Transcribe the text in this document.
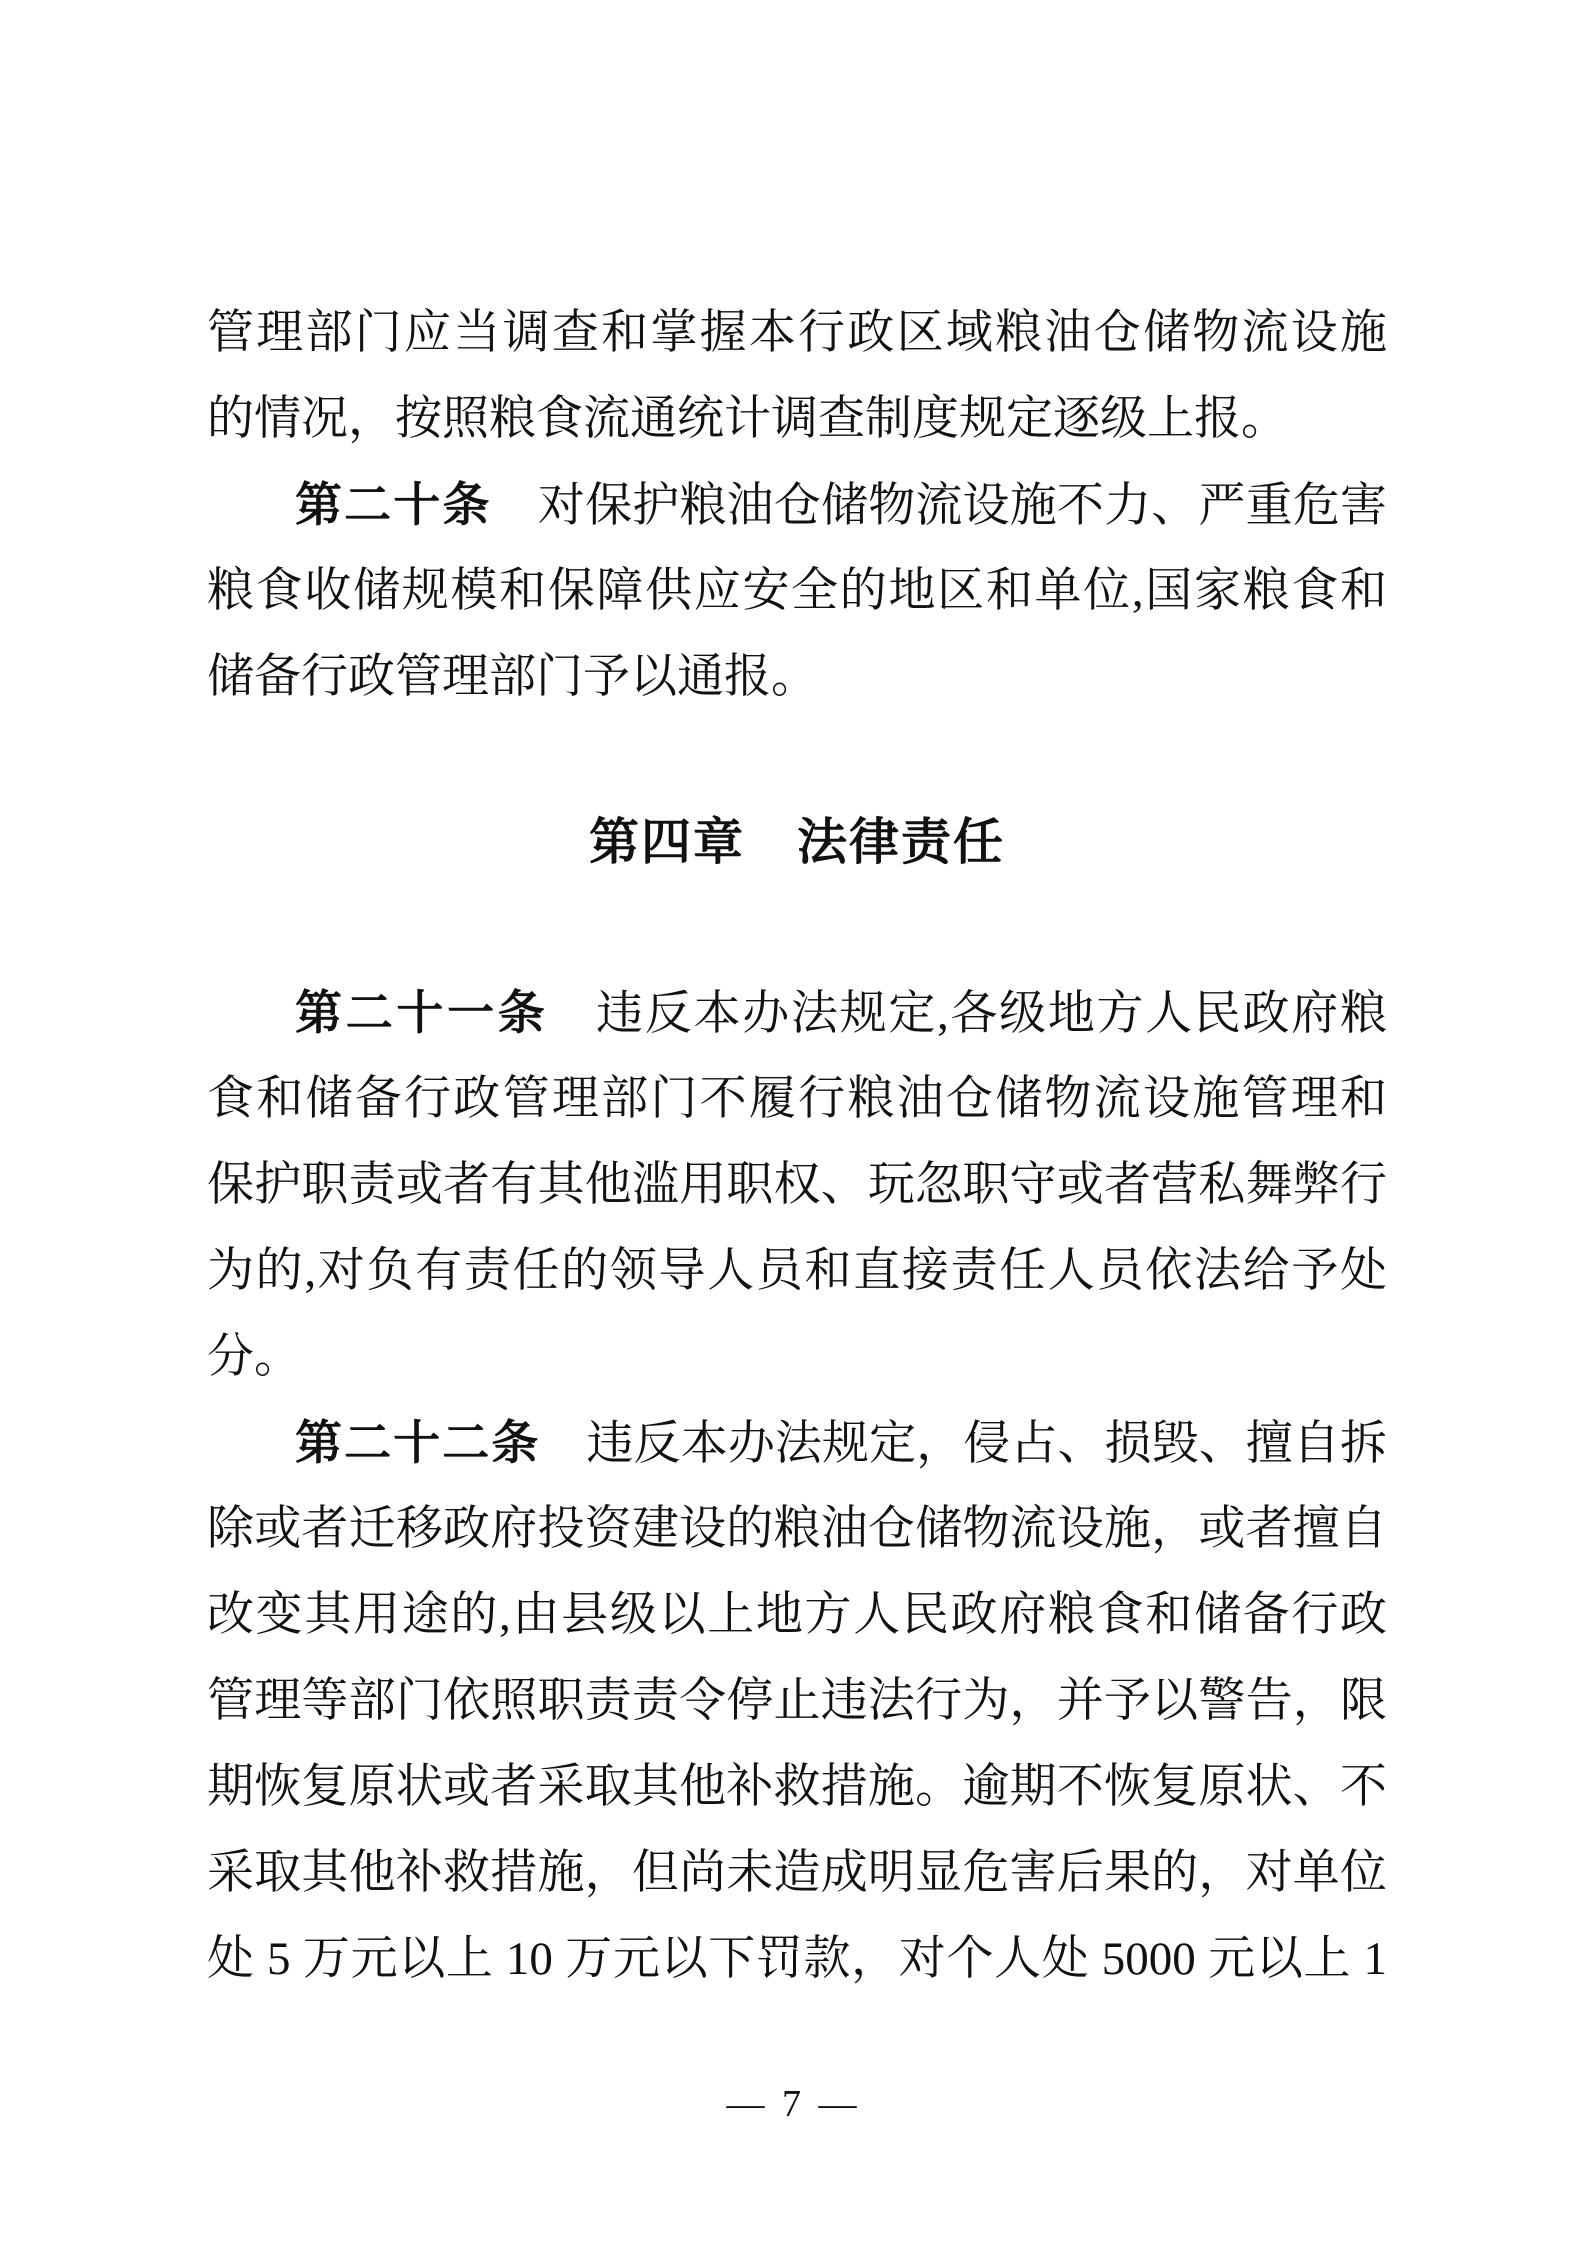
管理部门应当调查和掌握本行政区域粮油仓储物流设施
的情况，按照粮食流通统计调查制度规定逐级上报。
第二十条 对保护粮油仓储物流设施不力、严重危害
粮食收储规模和保障供应安全的地区和单位,国家粮食和
储备行政管理部门予以通报。
第四章　法律责任
第二十一条 违反本办法规定,各级地方人民政府粮
食和储备行政管理部门不履行粮油仓储物流设施管理和
保护职责或者有其他滥用职权、玩忽职守或者营私舞弊行
为的,对负有责任的领导人员和直接责任人员依法给予处
分。
第二十二条 违反本办法规定，侵占、损毁、擅自拆
除或者迁移政府投资建设的粮油仓储物流设施，或者擅自
改变其用途的,由县级以上地方人民政府粮食和储备行政
管理等部门依照职责责令停止违法行为，并予以警告，限
期恢复原状或者采取其他补救措施。逾期不恢复原状、不
采取其他补救措施，但尚未造成明显危害后果的，对单位
处 5 万元以上 10 万元以下罚款，对个人处 5000 元以上 1
— 7 —
